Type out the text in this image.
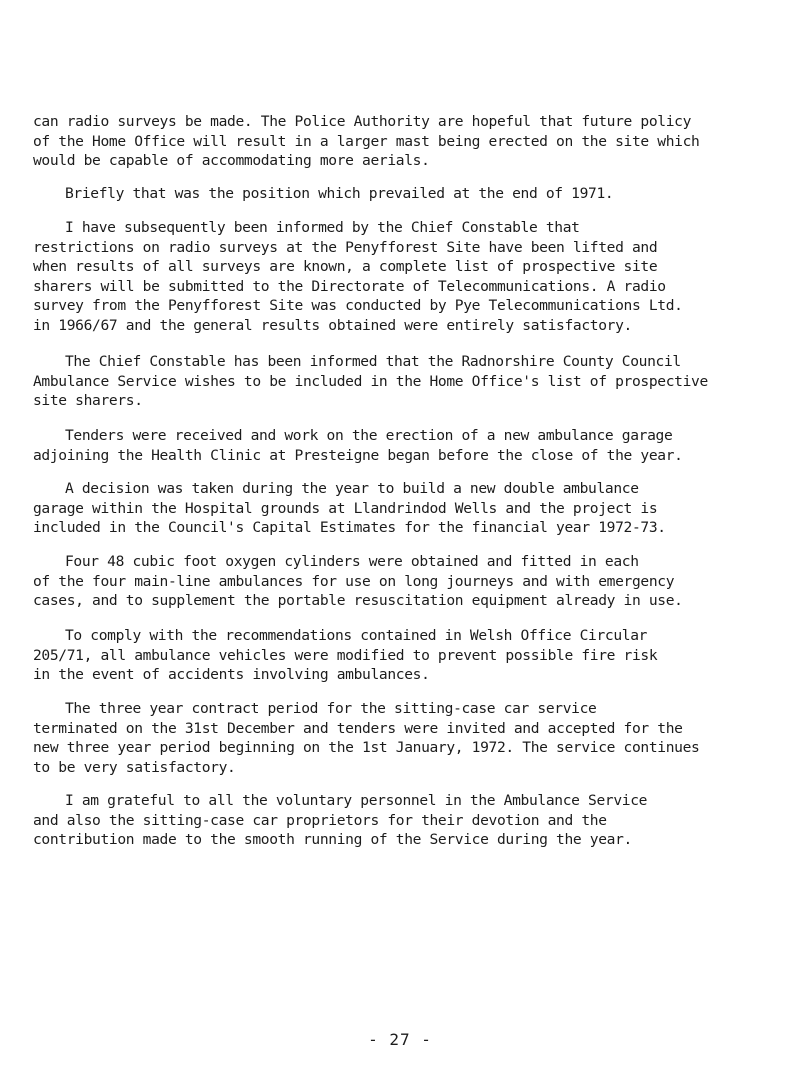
can radio surveys be made. The Police Authority are hopeful that future policy
of the Home Office will result in a larger mast being erected on the site which
would be capable of accommodating more aerials.
Briefly that was the position which prevailed at the end of 1971.
I have subsequently been informed by the Chief Constable that
restrictions on radio surveys at the Penyfforest Site have been lifted and
when results of all surveys are known, a complete list of prospective site
sharers will be submitted to the Directorate of Telecommunications. A radio
survey from the Penyfforest Site was conducted by Pye Telecommunications Ltd.
in 1966/67 and the general results obtained were entirely satisfactory.
The Chief Constable has been informed that the Radnorshire County Council
Ambulance Service wishes to be included in the Home Office's list of prospective
site sharers.
Tenders were received and work on the erection of a new ambulance garage
adjoining the Health Clinic at Presteigne began before the close of the year.
A decision was taken during the year to build a new double ambulance
garage within the Hospital grounds at Llandrindod Wells and the project is
included in the Council's Capital Estimates for the financial year 1972-73.
Four 48 cubic foot oxygen cylinders were obtained and fitted in each
of the four main-line ambulances for use on long journeys and with emergency
cases, and to supplement the portable resuscitation equipment already in use.
To comply with the recommendations contained in Welsh Office Circular
205/71, all ambulance vehicles were modified to prevent possible fire risk
in the event of accidents involving ambulances.
The three year contract period for the sitting-case car service
terminated on the 31st December and tenders were invited and accepted for the
new three year period beginning on the 1st January, 1972. The service continues
to be very satisfactory.
I am grateful to all the voluntary personnel in the Ambulance Service
and also the sitting-case car proprietors for their devotion and the
contribution made to the smooth running of the Service during the year.
- 27 -
